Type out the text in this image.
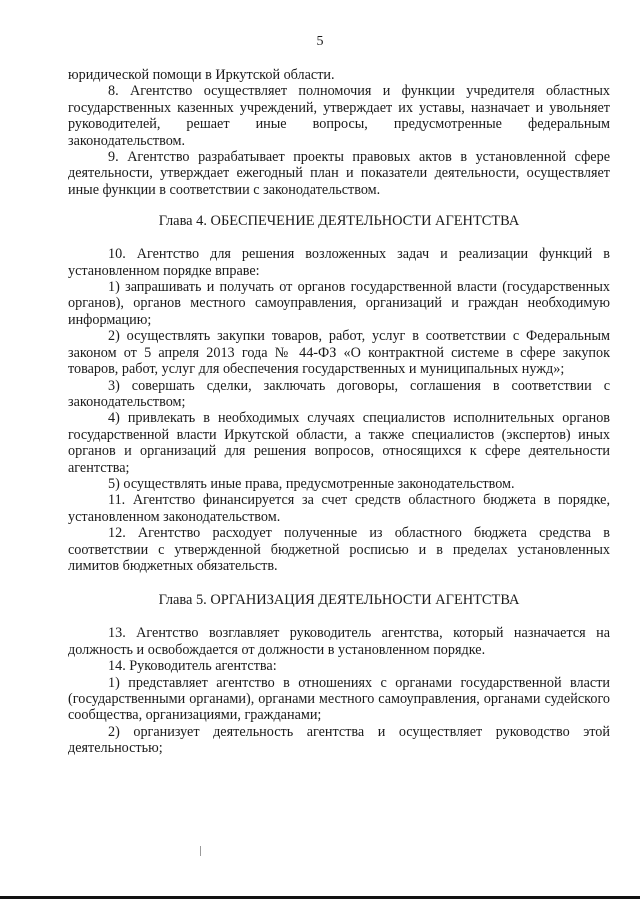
5

юридической помощи в Иркутской области.

8. Агентство осуществляет полномочия и функции учредителя областных государственных казенных учреждений, утверждает их уставы, назначает и увольняет руководителей, решает иные вопросы, предусмотренные федеральным законодательством.

9. Агентство разрабатывает проекты правовых актов в установленной сфере деятельности, утверждает ежегодный план и показатели деятельности, осуществляет иные функции в соответствии с законодательством.

Глава 4. ОБЕСПЕЧЕНИЕ ДЕЯТЕЛЬНОСТИ АГЕНТСТВА

10. Агентство для решения возложенных задач и реализации функций в установленном порядке вправе:

1) запрашивать и получать от органов государственной власти (государственных органов), органов местного самоуправления, организаций и граждан необходимую информацию;

2) осуществлять закупки товаров, работ, услуг в соответствии с Федеральным законом от 5 апреля 2013 года № 44-ФЗ «О контрактной системе в сфере закупок товаров, работ, услуг для обеспечения государственных и муниципальных нужд»;

3) совершать сделки, заключать договоры, соглашения в соответствии с законодательством;

4) привлекать в необходимых случаях специалистов исполнительных органов государственной власти Иркутской области, а также специалистов (экспертов) иных органов и организаций для решения вопросов, относящихся к сфере деятельности агентства;

5) осуществлять иные права, предусмотренные законодательством.

11. Агентство финансируется за счет средств областного бюджета в порядке, установленном законодательством.

12. Агентство расходует полученные из областного бюджета средства в соответствии с утвержденной бюджетной росписью и в пределах установленных лимитов бюджетных обязательств.

Глава 5. ОРГАНИЗАЦИЯ ДЕЯТЕЛЬНОСТИ АГЕНТСТВА

13. Агентство возглавляет руководитель агентства, который назначается на должность и освобождается от должности в установленном порядке.

14. Руководитель агентства:

1) представляет агентство в отношениях с органами государственной власти (государственными органами), органами местного самоуправления, органами судейского сообщества, организациями, гражданами;

2) организует деятельность агентства и осуществляет руководство этой деятельностью;
